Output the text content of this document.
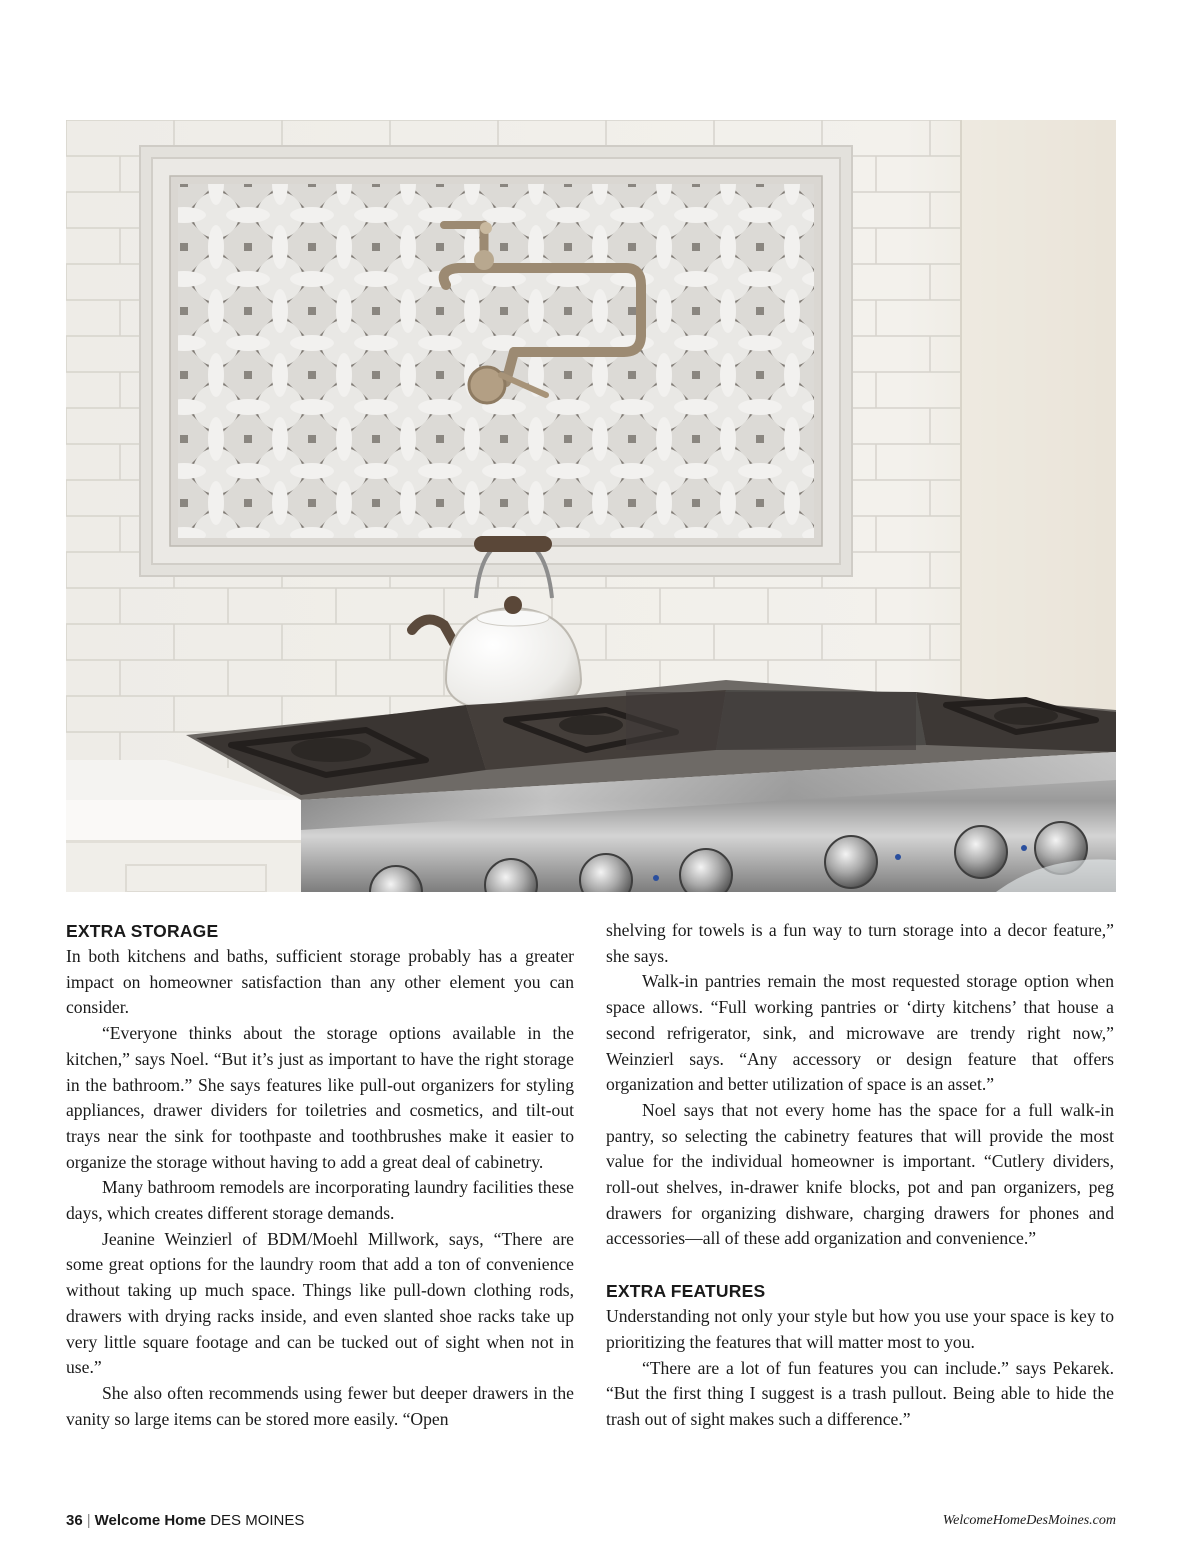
EXTRA STORAGE

In both kitchens and baths, sufficient storage probably has a greater impact on homeowner satisfaction than any other element you can consider.

“Everyone thinks about the storage options available in the kitchen,” says Noel. “But it’s just as important to have the right storage in the bathroom.” She says features like pull-out organizers for styling appliances, drawer dividers for toiletries and cosmetics, and tilt-out trays near the sink for toothpaste and toothbrushes make it easier to organize the storage without having to add a great deal of cabinetry.

Many bathroom remodels are incorporating laundry facilities these days, which creates different storage demands.

Jeanine Weinzierl of BDM/Moehl Millwork, says, “There are some great options for the laundry room that add a ton of convenience without taking up much space. Things like pull-down clothing rods, drawers with drying racks inside, and even slanted shoe racks take up very little square footage and can be tucked out of sight when not in use.”

She also often recommends using fewer but deeper drawers in the vanity so large items can be stored more easily. “Open

shelving for towels is a fun way to turn storage into a decor feature,” she says.

Walk-in pantries remain the most requested storage option when space allows. “Full working pantries or ‘dirty kitchens’ that house a second refrigerator, sink, and microwave are trendy right now,” Weinzierl says. “Any accessory or design feature that offers organization and better utilization of space is an asset.”

Noel says that not every home has the space for a full walk-in pantry, so selecting the cabinetry features that will provide the most value for the individual homeowner is important. “Cutlery dividers, roll-out shelves, in-drawer knife blocks, pot and pan organizers, peg drawers for organizing dishware, charging drawers for phones and accessories—all of these add organization and convenience.”

EXTRA FEATURES

Understanding not only your style but how you use your space is key to prioritizing the features that will matter most to you.

“There are a lot of fun features you can include.” says Pekarek. “But the first thing I suggest is a trash pullout. Being able to hide the trash out of sight makes such a difference.”

36 | Welcome Home DES MOINES	WelcomeHomeDesMoines.com
